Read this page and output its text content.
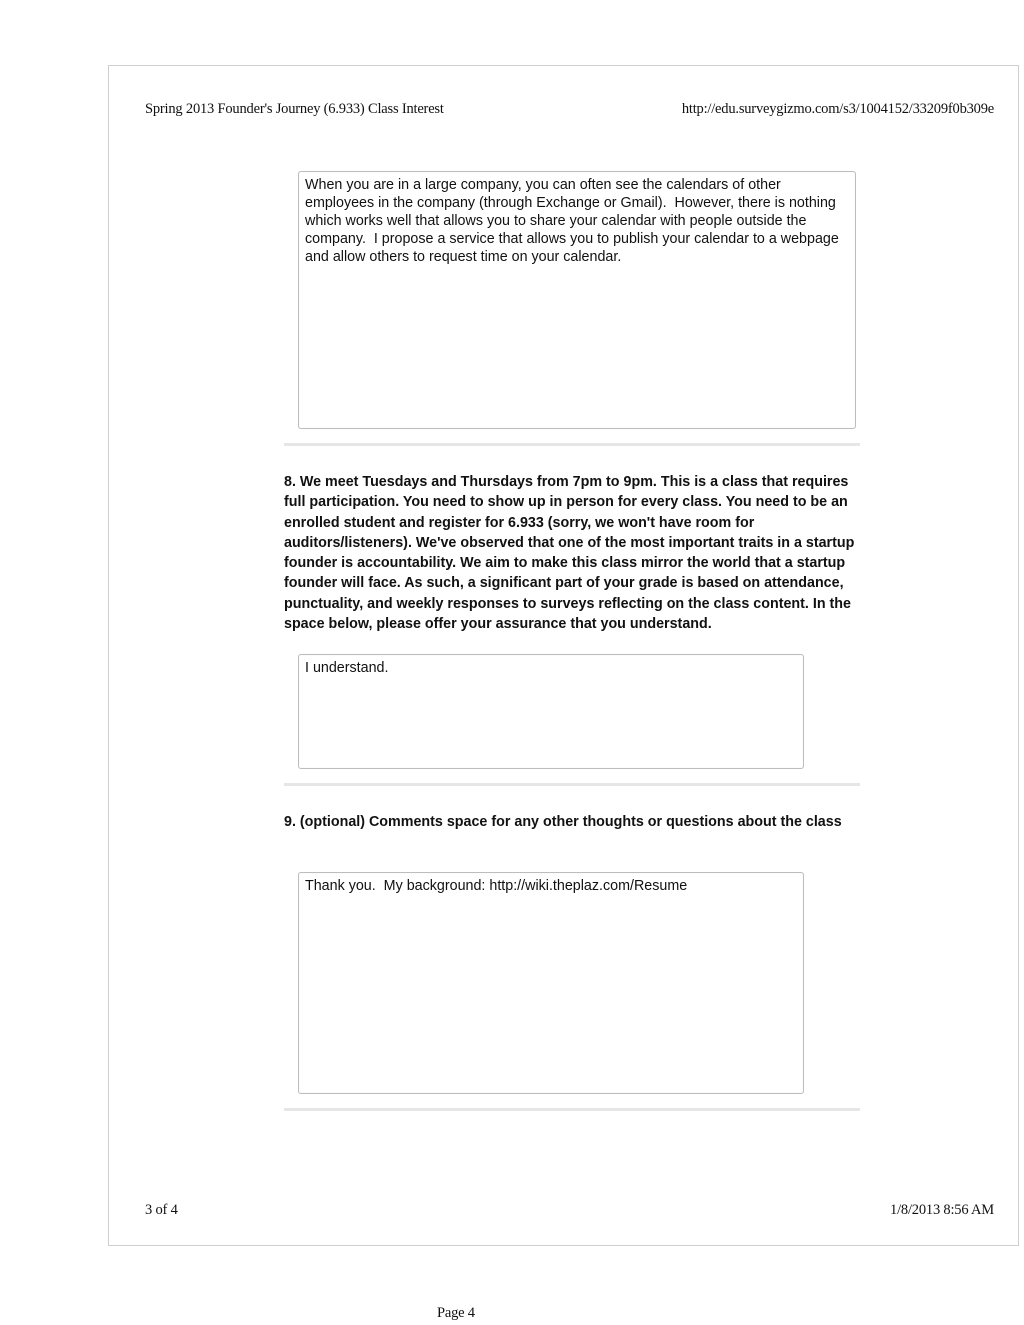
Spring 2013 Founder's Journey (6.933) Class Interest	http://edu.surveygizmo.com/s3/1004152/33209f0b309e
When you are in a large company, you can often see the calendars of other employees in the company (through Exchange or Gmail).  However, there is nothing which works well that allows you to share your calendar with people outside the company.  I propose a service that allows you to publish your calendar to a webpage and allow others to request time on your calendar.
8. We meet Tuesdays and Thursdays from 7pm to 9pm. This is a class that requires full participation. You need to show up in person for every class. You need to be an enrolled student and register for 6.933 (sorry, we won't have room for auditors/listeners). We've observed that one of the most important traits in a startup founder is accountability. We aim to make this class mirror the world that a startup founder will face. As such, a significant part of your grade is based on attendance, punctuality, and weekly responses to surveys reflecting on the class content. In the space below, please offer your assurance that you understand.
I understand.
9. (optional) Comments space for any other thoughts or questions about the class
Thank you.  My background: http://wiki.theplaz.com/Resume
3 of 4	1/8/2013 8:56 AM
Page 4
